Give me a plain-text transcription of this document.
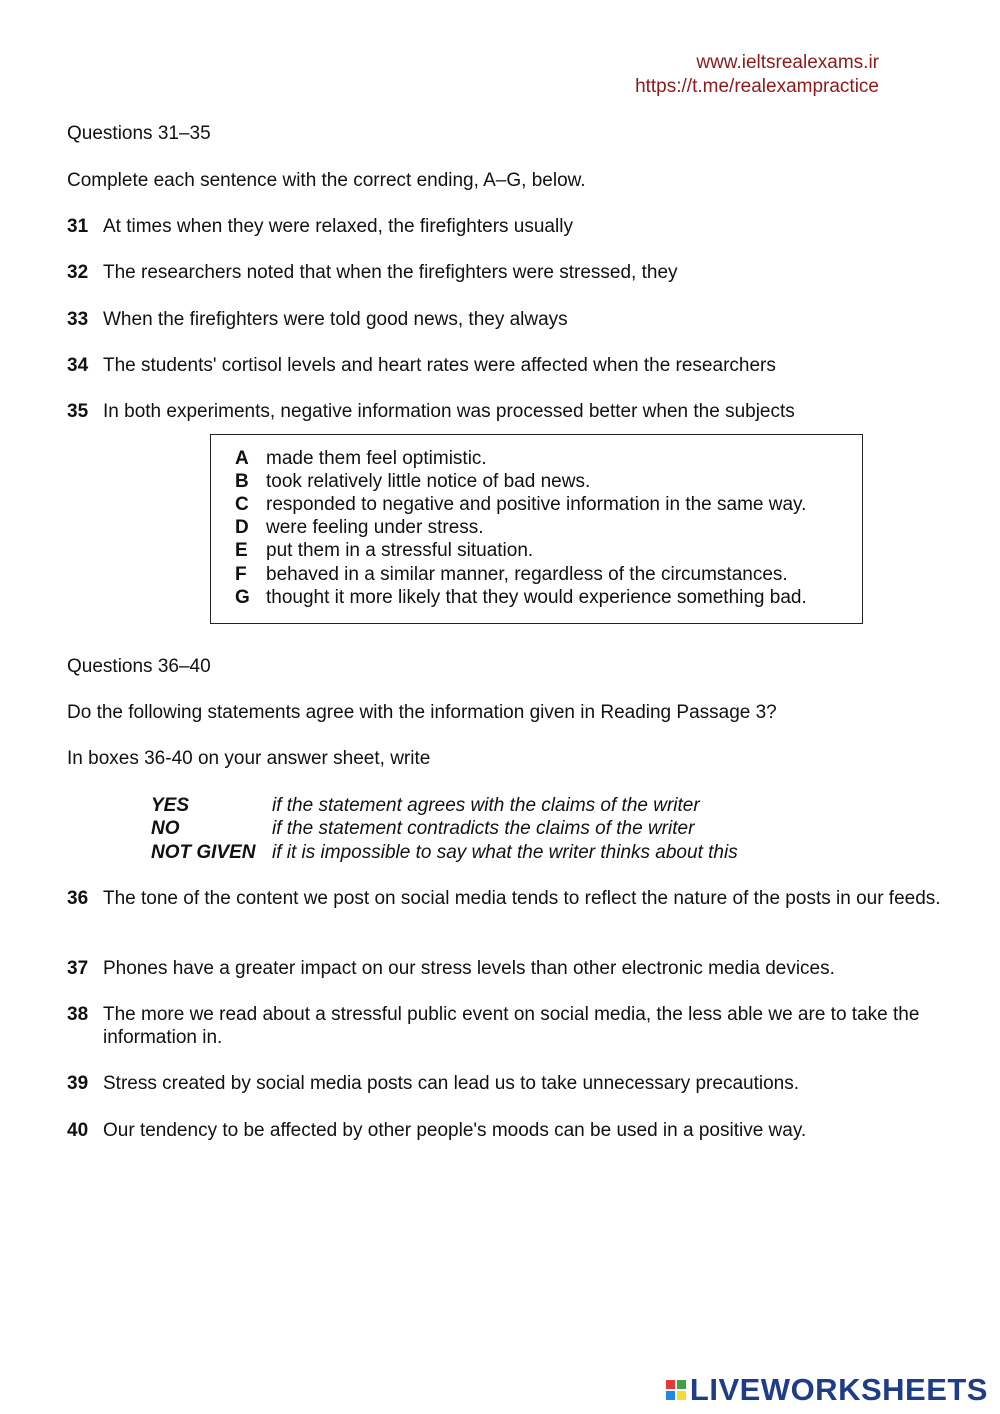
www.ieltsrealexams.ir
https://t.me/realexampractice
Questions 31–35
Complete each sentence with the correct ending, A–G, below.
31 At times when they were relaxed, the firefighters usually
32 The researchers noted that when the firefighters were stressed, they
33 When the firefighters were told good news, they always
34 The students' cortisol levels and heart rates were affected when the researchers
35 In both experiments, negative information was processed better when the subjects
A made them feel optimistic.
B took relatively little notice of bad news.
C responded to negative and positive information in the same way.
D were feeling under stress.
E put them in a stressful situation.
F behaved in a similar manner, regardless of the circumstances.
G thought it more likely that they would experience something bad.
Questions 36–40
Do the following statements agree with the information given in Reading Passage 3?
In boxes 36-40 on your answer sheet, write
YES	if the statement agrees with the claims of the writer
NO	if the statement contradicts the claims of the writer
NOT GIVEN if it is impossible to say what the writer thinks about this
36 The tone of the content we post on social media tends to reflect the nature of the posts in our feeds.
37 Phones have a greater impact on our stress levels than other electronic media devices.
38 The more we read about a stressful public event on social media, the less able we are to take the information in.
39 Stress created by social media posts can lead us to take unnecessary precautions.
40 Our tendency to be affected by other people's moods can be used in a positive way.
LIVEWORKSHEETS
